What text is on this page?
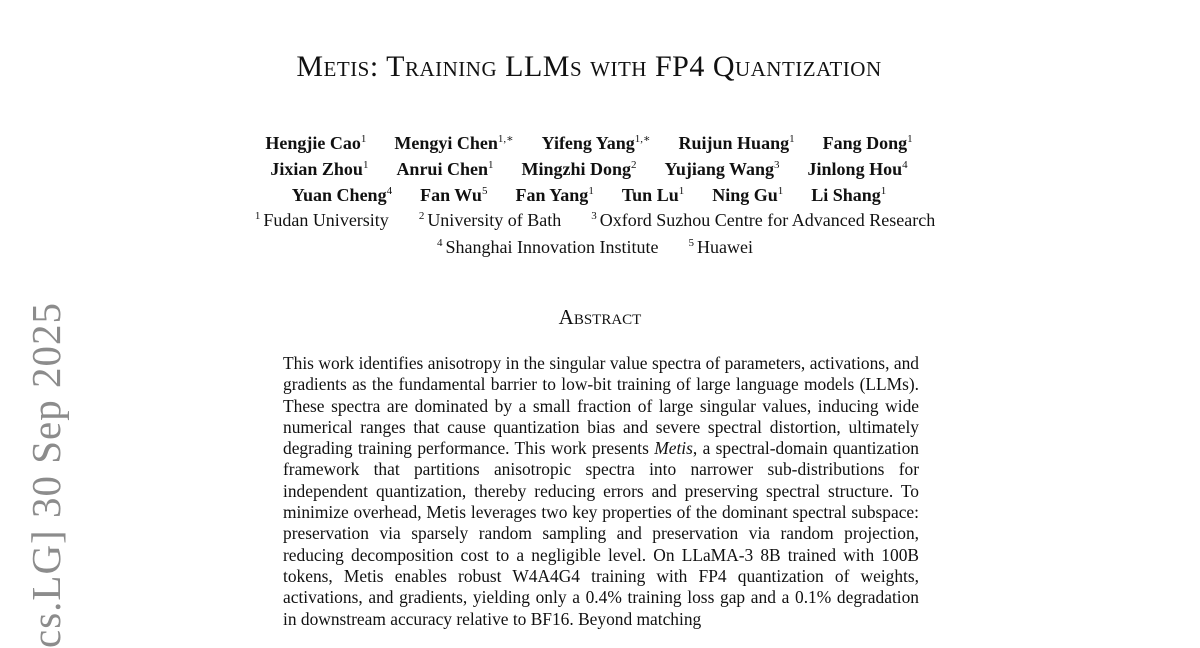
Metis: Training LLMs with FP4 Quantization
Hengjie Cao$^1$ Mengyi Chen$^{1,∗}$ Yifeng Yang$^{1,∗}$ Ruijun Huang$^1$ Fang Dong$^1$
Jixian Zhou$^1$ Anrui Chen$^1$ Mingzhi Dong$^2$ Yujiang Wang$^3$ Jinlong Hou$^4$
Yuan Cheng$^4$ Fan Wu$^5$ Fan Yang$^1$ Tun Lu$^1$ Ning Gu$^1$ Li Shang$^1$
$^1$ Fudan University	$^2$ University of Bath	$^3$ Oxford Suzhou Centre for Advanced Research
$^4$ Shanghai Innovation Institute	$^5$ Huawei
Abstract
This work identifies anisotropy in the singular value spectra of parameters, activations, and gradients as the fundamental barrier to low-bit training of large language models (LLMs). These spectra are dominated by a small fraction of large singular values, inducing wide numerical ranges that cause quantization bias and severe spectral distortion, ultimately degrading training performance. This work presents Metis, a spectral-domain quantization framework that partitions anisotropic spectra into narrower sub-distributions for independent quantization, thereby reducing errors and preserving spectral structure. To minimize overhead, Metis leverages two key properties of the dominant spectral subspace: preservation via sparsely random sampling and preservation via random projection, reducing decomposition cost to a negligible level. On LLaMA-3 8B trained with 100B tokens, Metis enables robust W4A4G4 training with FP4 quantization of weights, activations, and gradients, yielding only a 0.4% training loss gap and a 0.1% degradation in downstream accuracy relative to BF16. Beyond matching
cs.LG] 30 Sep 2025
